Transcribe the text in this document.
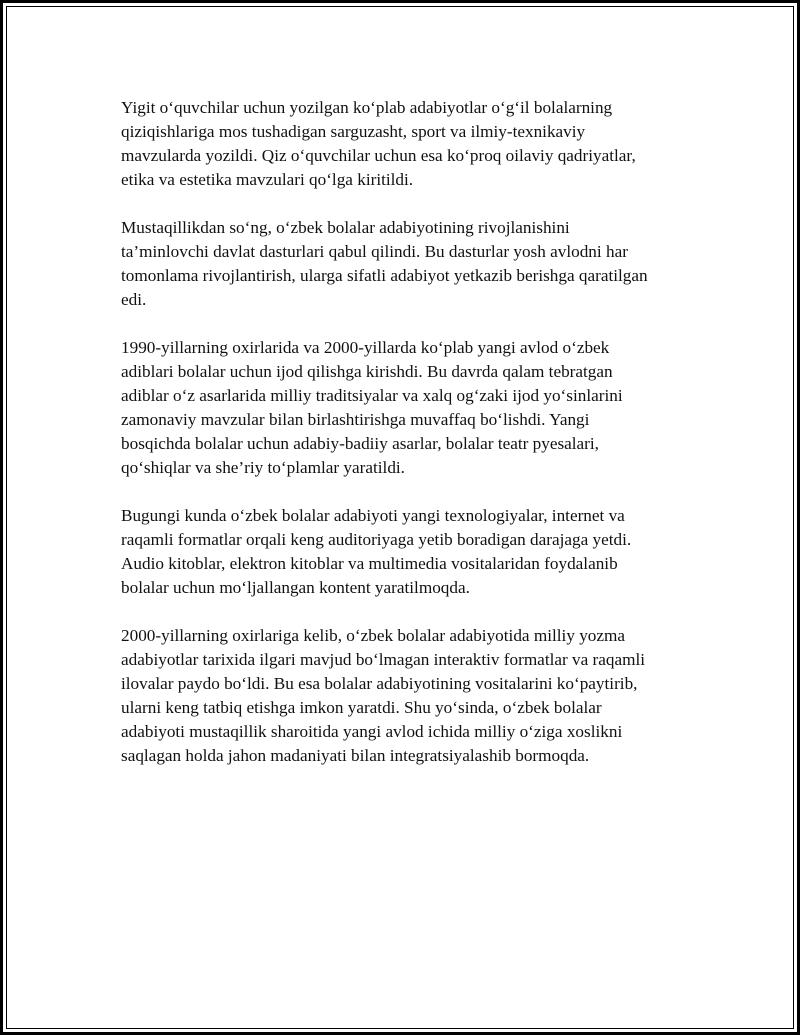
Yigit o‘quvchilar uchun yozilgan ko‘plab adabiyotlar o‘g‘il bolalarning
qiziqishlariga mos tushadigan sarguzasht, sport va ilmiy-texnikaviy
mavzularda yozildi. Qiz o‘quvchilar uchun esa ko‘proq oilaviy qadriyatlar,
etika va estetika mavzulari qo‘lga kiritildi.

Mustaqillikdan so‘ng, o‘zbek bolalar adabiyotining rivojlanishini
ta’minlovchi davlat dasturlari qabul qilindi. Bu dasturlar yosh avlodni har
tomonlama rivojlantirish, ularga sifatli adabiyot yetkazib berishga qaratilgan
edi.

1990-yillarning oxirlarida va 2000-yillarda ko‘plab yangi avlod o‘zbek
adiblari bolalar uchun ijod qilishga kirishdi. Bu davrda qalam tebratgan
adiblar o‘z asarlarida milliy traditsiyalar va xalq og‘zaki ijod yo‘sinlarini
zamonaviy mavzular bilan birlashtirishga muvaffaq bo‘lishdi. Yangi
bosqichda bolalar uchun adabiy-badiiy asarlar, bolalar teatr pyesalari,
qo‘shiqlar va she’riy to‘plamlar yaratildi.

Bugungi kunda o‘zbek bolalar adabiyoti yangi texnologiyalar, internet va
raqamli formatlar orqali keng auditoriyaga yetib boradigan darajaga yetdi.
Audio kitoblar, elektron kitoblar va multimedia vositalaridan foydalanib
bolalar uchun mo‘ljallangan kontent yaratilmoqda.

2000-yillarning oxirlariga kelib, o‘zbek bolalar adabiyotida milliy yozma
adabiyotlar tarixida ilgari mavjud bo‘lmagan interaktiv formatlar va raqamli
ilovalar paydo bo‘ldi. Bu esa bolalar adabiyotining vositalarini ko‘paytirib,
ularni keng tatbiq etishga imkon yaratdi. Shu yo‘sinda, o‘zbek bolalar
adabiyoti mustaqillik sharoitida yangi avlod ichida milliy o‘ziga xoslikni
saqlagan holda jahon madaniyati bilan integratsiyalashib bormoqda.
